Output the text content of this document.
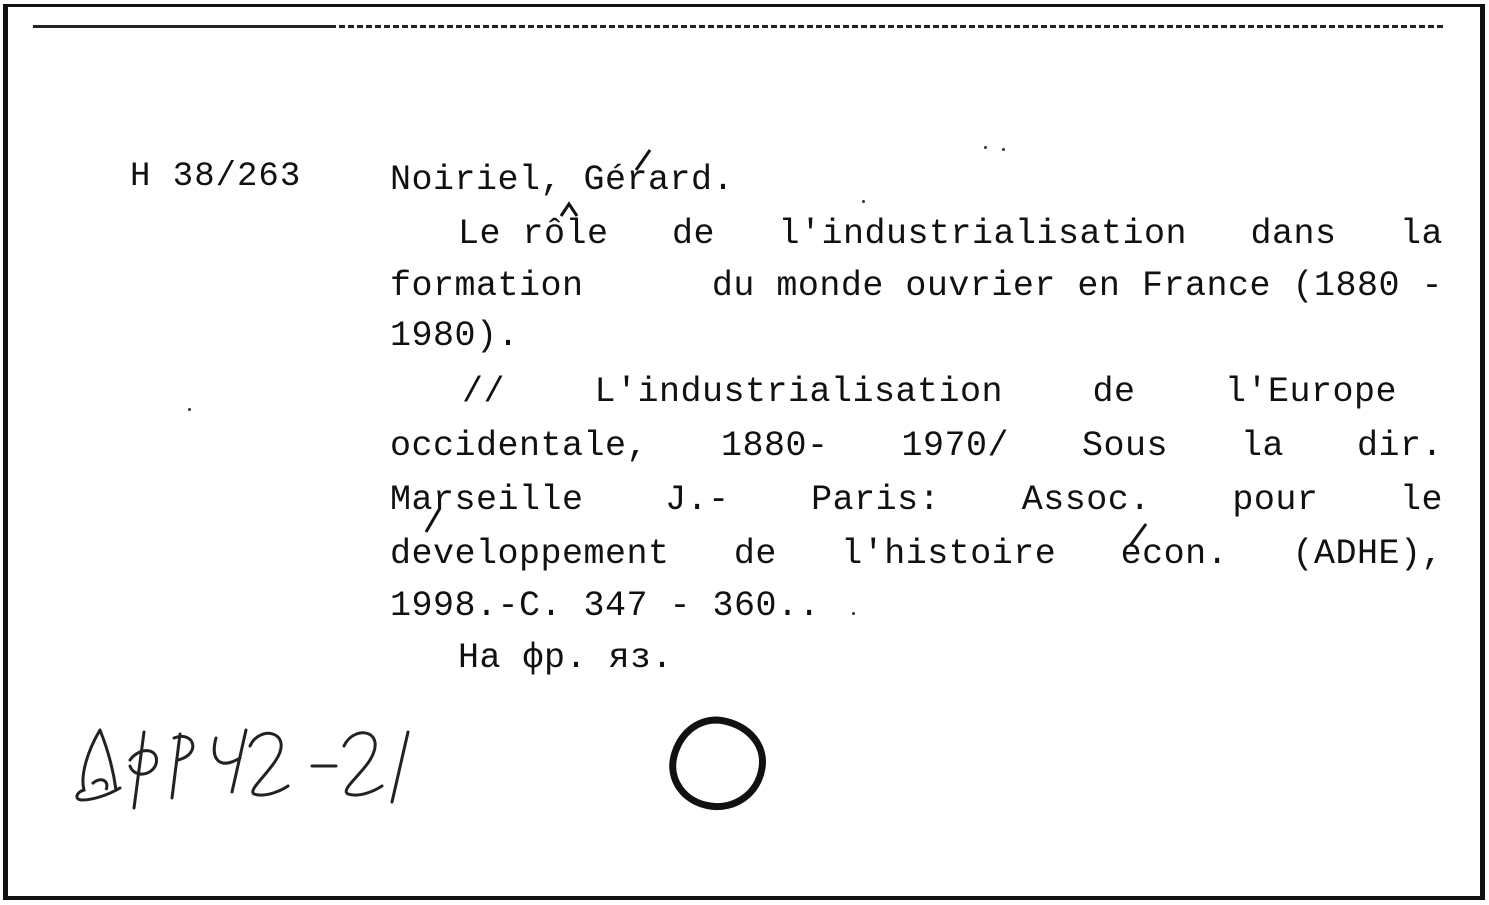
H 38/263	Noiriel, Gérard.
Le rôle de l'industrialisation dans la
formation	du monde ouvrier en France (1880 -
1980).
//	L'industrialisation	de	l'Europe
occidentale, 1880- 1970/ Sous la dir.
Marseille J.- Paris: Assoc. pour le
developpement de l'histoire econ. (ADHE),
1998.-С. 347 - 360..
На фр. яз.
